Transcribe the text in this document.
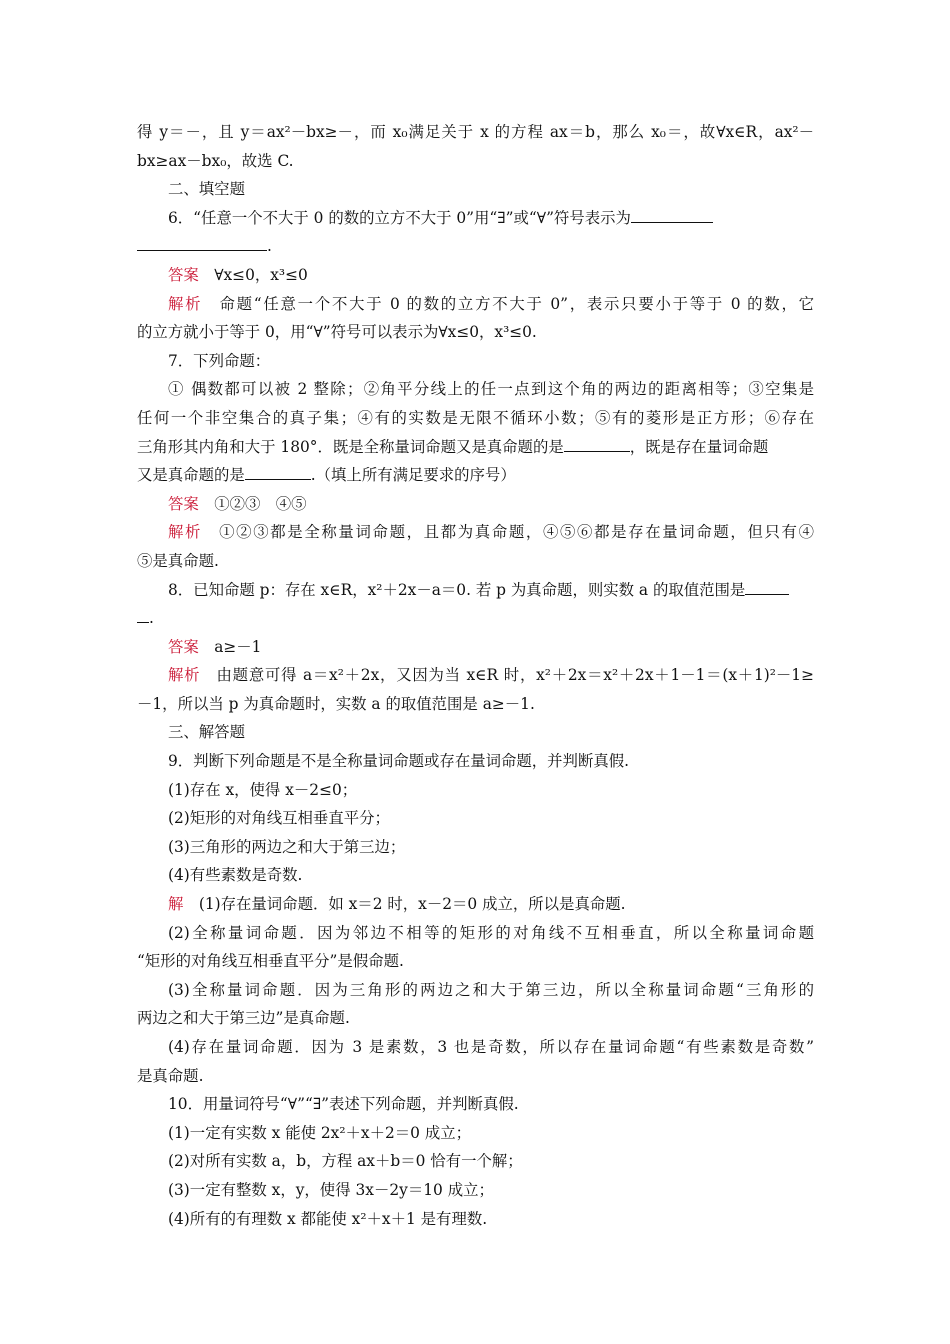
得 y＝－，且 y＝ax²－bx≥－，而 x₀满足关于 x 的方程 ax＝b，那么 x₀＝，故∀x∈R，ax²－
bx≥ax－bx₀，故选 C.
二、填空题
6．“任意一个不大于 0 的数的立方不大于 0”用“∃”或“∀”符号表示为
.
答案　 ∀x≤0，x³≤0
解析　 命题“任意一个不大于 0 的数的立方不大于 0”，表示只要小于等于 0 的数，它
的立方就小于等于 0，用“∀”符号可以表示为∀x≤0，x³≤0.
7．下列命题：
① 偶数都可以被 2 整除；②角平分线上的任一点到这个角的两边的距离相等；③空集是
任何一个非空集合的真子集；④有的实数是无限不循环小数；⑤有的菱形是正方形；⑥存在
三角形其内角和大于 180°．既是全称量词命题又是真命题的是	，既是存在量词命题
又是真命题的是	.（填上所有满足要求的序号）
答案　 ①②③　④⑤
解析　 ①②③都是全称量词命题，且都为真命题，④⑤⑥都是存在量词命题，但只有④
⑤是真命题.
8．已知命题 p：存在 x∈R，x²＋2x－a＝0. 若 p 为真命题，则实数 a 的取值范围是
.
答案　 a≥－1
解析　 由题意可得 a＝x²＋2x，又因为当 x∈R 时，x²＋2x＝x²＋2x＋1－1＝(x＋1)²－1≥
－1，所以当 p 为真命题时，实数 a 的取值范围是 a≥－1.
三、解答题
9．判断下列命题是不是全称量词命题或存在量词命题，并判断真假.
(1)存在 x，使得 x－2≤0；
(2)矩形的对角线互相垂直平分；
(3)三角形的两边之和大于第三边；
(4)有些素数是奇数.
解　 (1)存在量词命题．如 x＝2 时，x－2＝0 成立，所以是真命题.
(2)全称量词命题．因为邻边不相等的矩形的对角线不互相垂直，所以全称量词命题
“矩形的对角线互相垂直平分”是假命题.
(3)全称量词命题．因为三角形的两边之和大于第三边，所以全称量词命题“三角形的
两边之和大于第三边”是真命题.
(4)存在量词命题．因为 3 是素数，3 也是奇数，所以存在量词命题“有些素数是奇数”
是真命题.
10．用量词符号“∀”“∃”表述下列命题，并判断真假.
(1)一定有实数 x 能使 2x²＋x＋2＝0 成立；
(2)对所有实数 a，b，方程 ax＋b＝0 恰有一个解；
(3)一定有整数 x，y，使得 3x－2y＝10 成立；
(4)所有的有理数 x 都能使 x²＋x＋1 是有理数.
